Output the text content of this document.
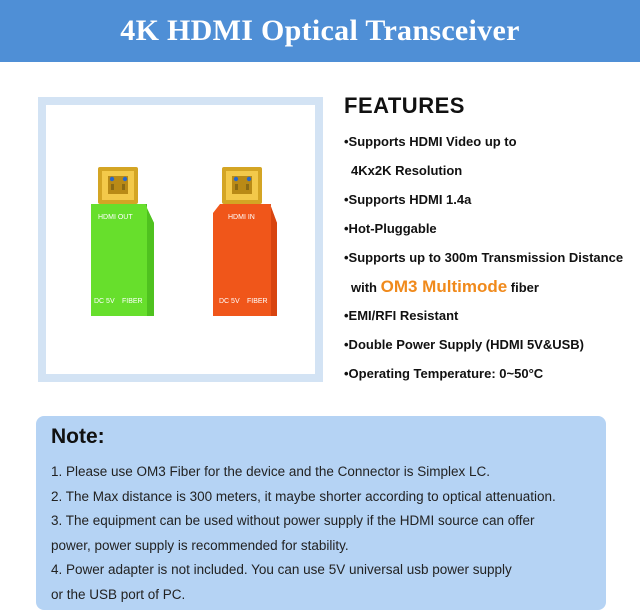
4K HDMI Optical Transceiver
HDMI OUT
DC 5V FIBER
HDMI IN
DC 5V FIBER
FEATURES
•Supports HDMI Video up to
4Kx2K Resolution
•Supports HDMI 1.4a
•Hot-Pluggable
•Supports up to 300m Transmission Distance
with OM3 Multimode fiber
•EMI/RFI Resistant
•Double Power Supply (HDMI 5V&USB)
•Operating Temperature: 0~50°C
Note:
1. Please use OM3 Fiber for the device and the Connector is Simplex LC.
2. The Max distance is 300 meters, it maybe shorter according to optical attenuation.
3. The equipment can be used without power supply if the HDMI source can offer
power, power supply is recommended for stability.
4. Power adapter is not included. You can use 5V universal usb power supply
or the USB port of PC.
